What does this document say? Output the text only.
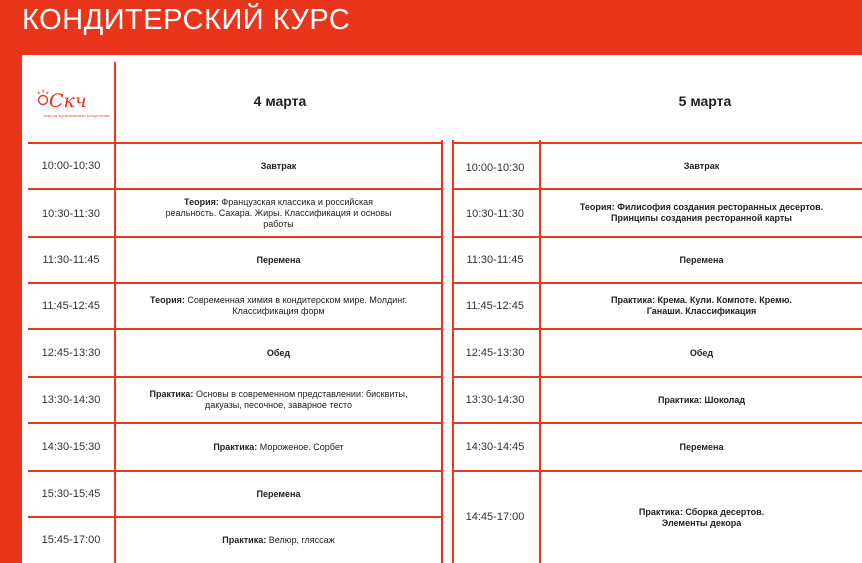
КОНДИТЕРСКИЙ КУРС
Скч
школа кулинарного искусства
4 марта	5 марта
10:00-10:30
10:30-11:30
11:30-11:45
11:45-12:45
12:45-13:30
13:30-14:30
14:30-15:30
15:30-15:45
15:45-17:00
Завтрак
Теория: Французская классика и российская реальность. Сахара. Жиры. Классификация и основы работы
Перемена
Теория: Современная химия в кондитерском мире. Молдинг. Классификация форм
Обед
Практика: Основы в современном представлении: бисквиты, дакуазы, песочное, заварное тесто
Практика: Мороженое. Сорбет
Перемена
Практика: Велюр, глясcаж
10:00-10:30
10:30-11:30
11:30-11:45
11:45-12:45
12:45-13:30
13:30-14:30
14:30-14:45
14:45-17:00
Завтрак
Теория: Филисофия создания ресторанных десертов. Принципы создания ресторанной карты
Перемена
Практика: Крема. Кули. Компоте. Кремю. Ганаши. Классификация
Обед
Практика: Шоколад
Перемена
Практика: Сборка десертов. Элементы декора
